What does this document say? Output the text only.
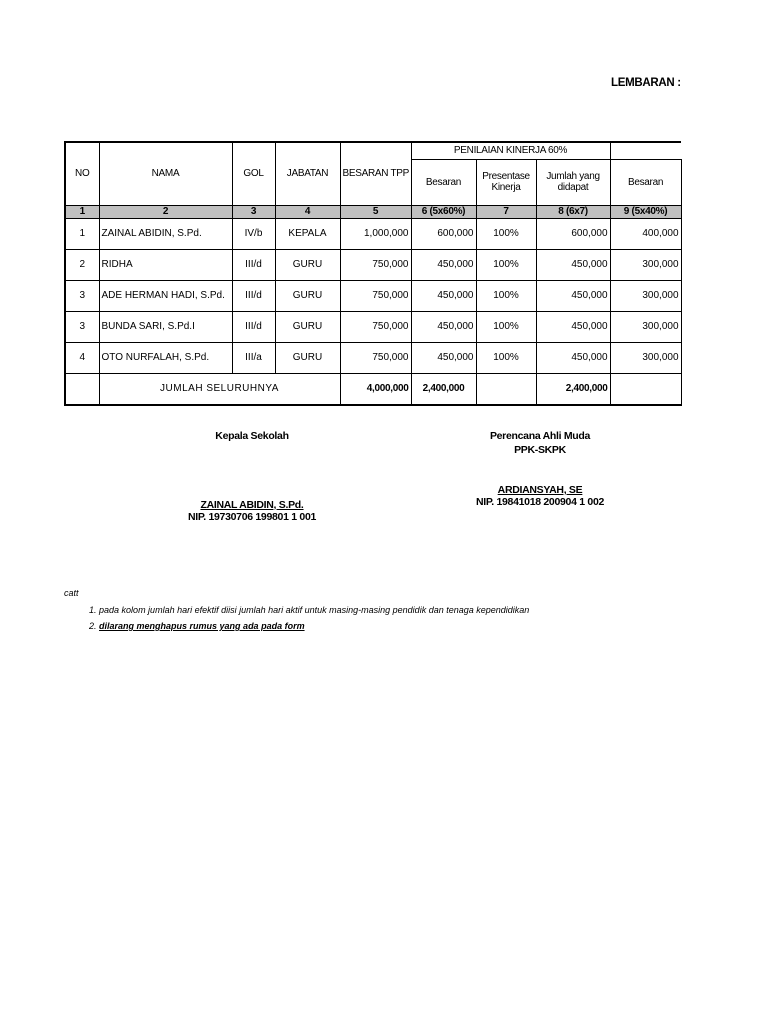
LEMBARAN :
NO	NAMA	GOL	JABATAN	BESARAN TPP	PENILAIAN KINERJA 60%			
					Besaran	Presentase Kinerja	Jumlah yang didapat	Besaran
1	2	3	4	5	6 (5x60%)	7	8 (6x7)	9 (5x40%)
1	ZAINAL ABIDIN, S.Pd.	IV/b	KEPALA	1,000,000	600,000	100%	600,000	400,000
2	RIDHA	III/d	GURU	750,000	450,000	100%	450,000	300,000
3	ADE HERMAN HADI, S.Pd.	III/d	GURU	750,000	450,000	100%	450,000	300,000
3	BUNDA SARI, S.Pd.I	III/d	GURU	750,000	450,000	100%	450,000	300,000
4	OTO NURFALAH, S.Pd.	III/a	GURU	750,000	450,000	100%	450,000	300,000
	JUMLAH SELURUHNYA			4,000,000	2,400,000		2,400,000	
Kepala Sekolah
ZAINAL ABIDIN, S.Pd.
NIP. 19730706 199801 1 001
Perencana Ahli Muda
PPK-SKPK
ARDIANSYAH, SE
NIP. 19841018 200904 1 002
catt
1. pada kolom jumlah hari efektif diisi jumlah hari aktif untuk masing-masing pendidik dan tenaga kependidikan
2. dilarang menghapus rumus yang ada pada form
